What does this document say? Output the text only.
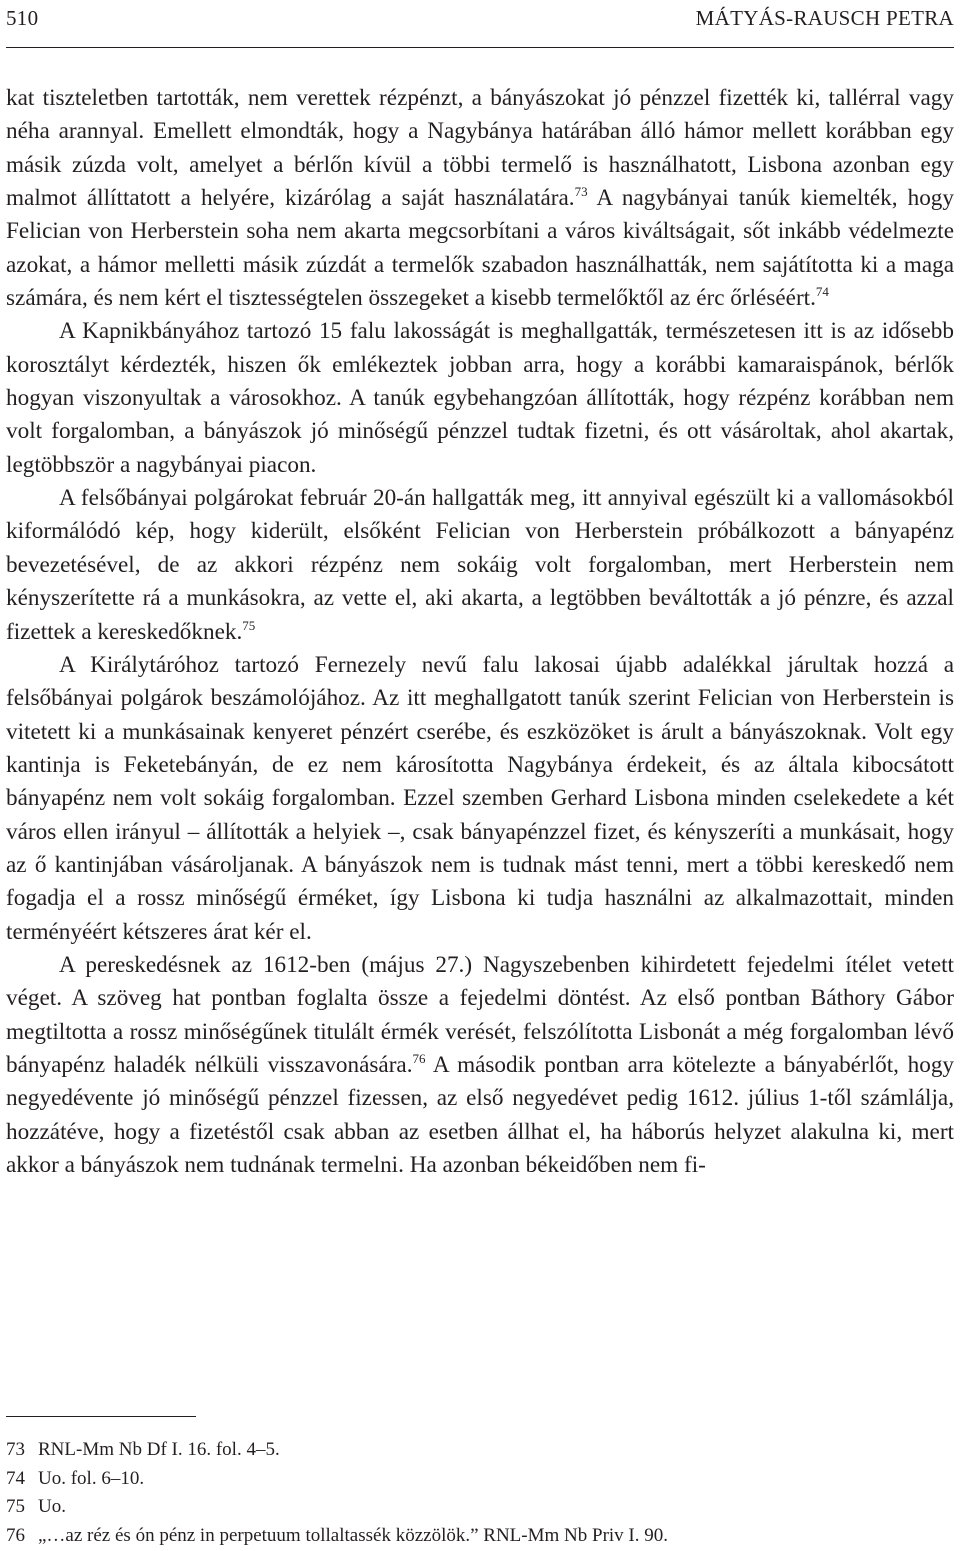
510	MÁTYÁS-RAUSCH PETRA

kat tiszteletben tartották, nem verettek rézpénzt, a bányászokat jó pénzzel fizették ki, tallérral vagy néha arannyal. Emellett elmondták, hogy a Nagybánya határában álló hámor mellett korábban egy másik zúzda volt, amelyet a bérlőn kívül a többi termelő is használhatott, Lisbona azonban egy malmot állíttatott a helyére, kizárólag a saját használatára.$^{73}$ A nagybányai tanúk kiemelték, hogy Felician von Herberstein soha nem akarta megcsorbítani a város kiváltságait, sőt inkább védelmezte azokat, a hámor melletti másik zúzdát a termelők szabadon használhatták, nem sajátította ki a maga számára, és nem kért el tisztességtelen összegeket a kisebb termelőktől az érc őrléséért.$^{74}$

A Kapnikbányához tartozó 15 falu lakosságát is meghallgatták, természetesen itt is az idősebb korosztályt kérdezték, hiszen ők emlékeztek jobban arra, hogy a korábbi kamaraispánok, bérlők hogyan viszonyultak a városokhoz. A tanúk egybehangzóan állították, hogy rézpénz korábban nem volt forgalomban, a bányászok jó minőségű pénzzel tudtak fizetni, és ott vásároltak, ahol akartak, legtöbbször a nagybányai piacon.

A felsőbányai polgárokat február 20-án hallgatták meg, itt annyival egészült ki a vallomásokból kiformálódó kép, hogy kiderült, elsőként Felician von Herberstein próbálkozott a bányapénz bevezetésével, de az akkori rézpénz nem sokáig volt forgalomban, mert Herberstein nem kényszerítette rá a munkásokra, az vette el, aki akarta, a legtöbben beváltották a jó pénzre, és azzal fizettek a kereskedőknek.$^{75}$

A Királytáróhoz tartozó Fernezely nevű falu lakosai újabb adalékkal járultak hozzá a felsőbányai polgárok beszámolójához. Az itt meghallgatott tanúk szerint Felician von Herberstein is vitetett ki a munkásainak kenyeret pénzért cserébe, és eszközöket is árult a bányászoknak. Volt egy kantinja is Feketebányán, de ez nem károsította Nagybánya érdekeit, és az általa kibocsátott bányapénz nem volt sokáig forgalomban. Ezzel szemben Gerhard Lisbona minden cselekedete a két város ellen irányul – állították a helyiek –, csak bányapénzzel fizet, és kényszeríti a munkásait, hogy az ő kantinjában vásároljanak. A bányászok nem is tudnak mást tenni, mert a többi kereskedő nem fogadja el a rossz minőségű érméket, így Lisbona ki tudja használni az alkalmazottait, minden terményéért kétszeres árat kér el.

A pereskedésnek az 1612-ben (május 27.) Nagyszebenben kihirdetett fejedelmi ítélet vetett véget. A szöveg hat pontban foglalta össze a fejedelmi döntést. Az első pontban Báthory Gábor megtiltotta a rossz minőségűnek titulált érmék verését, felszólította Lisbonát a még forgalomban lévő bányapénz haladék nélküli visszavonására.$^{76}$ A második pontban arra kötelezte a bányabérlőt, hogy negyedévente jó minőségű pénzzel fizessen, az első negyedévet pedig 1612. július 1-től számlálja, hozzátéve, hogy a fizetéstől csak abban az esetben állhat el, ha háborús helyzet alakulna ki, mert akkor a bányászok nem tudnának termelni. Ha azonban békeidőben nem fi-

73 RNL-Mm Nb Df I. 16. fol. 4–5.

74 Uo. fol. 6–10.

75 Uo.

76 „…az réz és ón pénz in perpetuum tollaltassék közzölök.” RNL-Mm Nb Priv I. 90.
